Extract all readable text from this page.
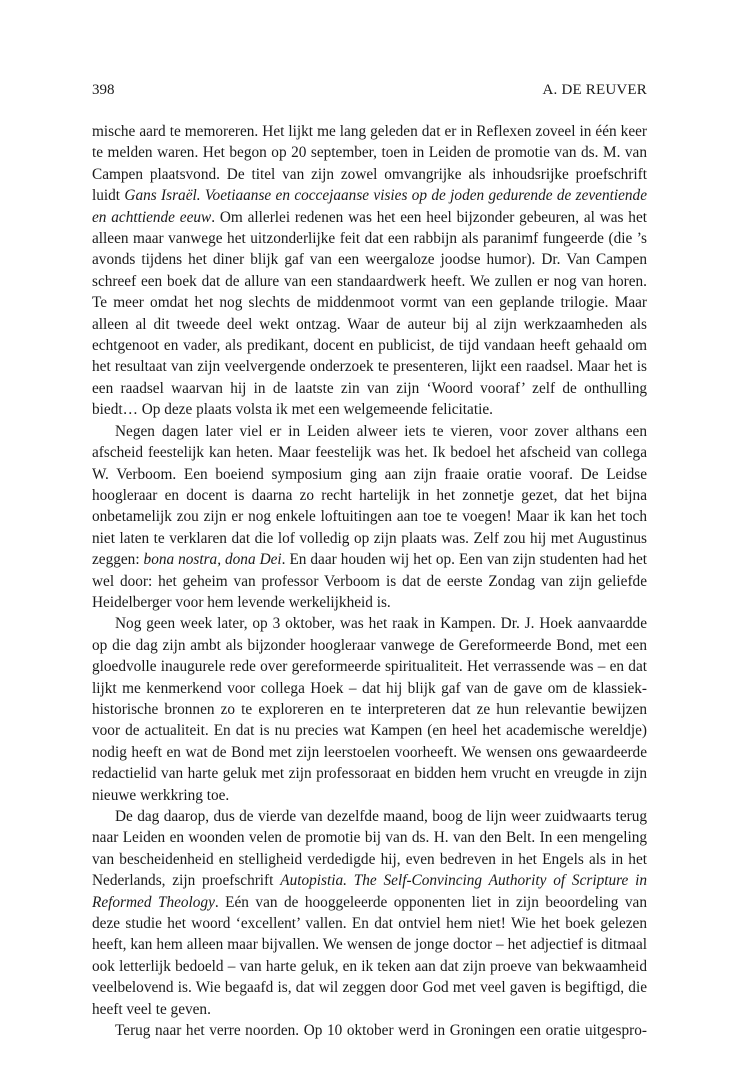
398	A. DE REUVER

mische aard te memoreren. Het lijkt me lang geleden dat er in Reflexen zoveel in één keer te melden waren. Het begon op 20 september, toen in Leiden de promotie van ds. M. van Campen plaatsvond. De titel van zijn zowel omvangrijke als inhoudsrijke proefschrift luidt Gans Israël. Voetiaanse en coccejaanse visies op de joden gedurende de zeventiende en achttiende eeuw. Om allerlei redenen was het een heel bijzonder gebeuren, al was het alleen maar vanwege het uitzonderlijke feit dat een rabbijn als paranimf fungeerde (die ’s avonds tijdens het diner blijk gaf van een weergaloze joodse humor). Dr. Van Campen schreef een boek dat de allure van een standaardwerk heeft. We zullen er nog van horen. Te meer omdat het nog slechts de middenmoot vormt van een geplande trilogie. Maar alleen al dit tweede deel wekt ontzag. Waar de auteur bij al zijn werkzaamheden als echtgenoot en vader, als predikant, docent en publicist, de tijd vandaan heeft gehaald om het resultaat van zijn veelvergende onderzoek te presenteren, lijkt een raadsel. Maar het is een raadsel waarvan hij in de laatste zin van zijn ‘Woord vooraf’ zelf de onthulling biedt… Op deze plaats volsta ik met een welgemeende felicitatie.

Negen dagen later viel er in Leiden alweer iets te vieren, voor zover althans een afscheid feestelijk kan heten. Maar feestelijk was het. Ik bedoel het afscheid van collega W. Verboom. Een boeiend symposium ging aan zijn fraaie oratie vooraf. De Leidse hoogleraar en docent is daarna zo recht hartelijk in het zonnetje gezet, dat het bijna onbetamelijk zou zijn er nog enkele loftuitingen aan toe te voegen! Maar ik kan het toch niet laten te verklaren dat die lof volledig op zijn plaats was. Zelf zou hij met Augustinus zeggen: bona nostra, dona Dei. En daar houden wij het op. Een van zijn studenten had het wel door: het geheim van professor Verboom is dat de eerste Zondag van zijn geliefde Heidelberger voor hem levende werkelijkheid is.

Nog geen week later, op 3 oktober, was het raak in Kampen. Dr. J. Hoek aanvaardde op die dag zijn ambt als bijzonder hoogleraar vanwege de Gereformeerde Bond, met een gloedvolle inaugurele rede over gereformeerde spiritualiteit. Het verrassende was – en dat lijkt me kenmerkend voor collega Hoek – dat hij blijk gaf van de gave om de klassiek-historische bronnen zo te exploreren en te interpreteren dat ze hun relevantie bewijzen voor de actualiteit. En dat is nu precies wat Kampen (en heel het academische wereldje) nodig heeft en wat de Bond met zijn leerstoelen voorheeft. We wensen ons gewaardeerde redactielid van harte geluk met zijn professoraat en bidden hem vrucht en vreugde in zijn nieuwe werkkring toe.

De dag daarop, dus de vierde van dezelfde maand, boog de lijn weer zuidwaarts terug naar Leiden en woonden velen de promotie bij van ds. H. van den Belt. In een mengeling van bescheidenheid en stelligheid verdedigde hij, even bedreven in het Engels als in het Nederlands, zijn proefschrift Autopistia. The Self-Convincing Authority of Scripture in Reformed Theology. Eén van de hooggeleerde opponenten liet in zijn beoordeling van deze studie het woord ‘excellent’ vallen. En dat ontviel hem niet! Wie het boek gelezen heeft, kan hem alleen maar bijvallen. We wensen de jonge doctor – het adjectief is ditmaal ook letterlijk bedoeld – van harte geluk, en ik teken aan dat zijn proeve van bekwaamheid veelbelovend is. Wie begaafd is, dat wil zeggen door God met veel gaven is begiftigd, die heeft veel te geven.

Terug naar het verre noorden. Op 10 oktober werd in Groningen een oratie uitgespro-
